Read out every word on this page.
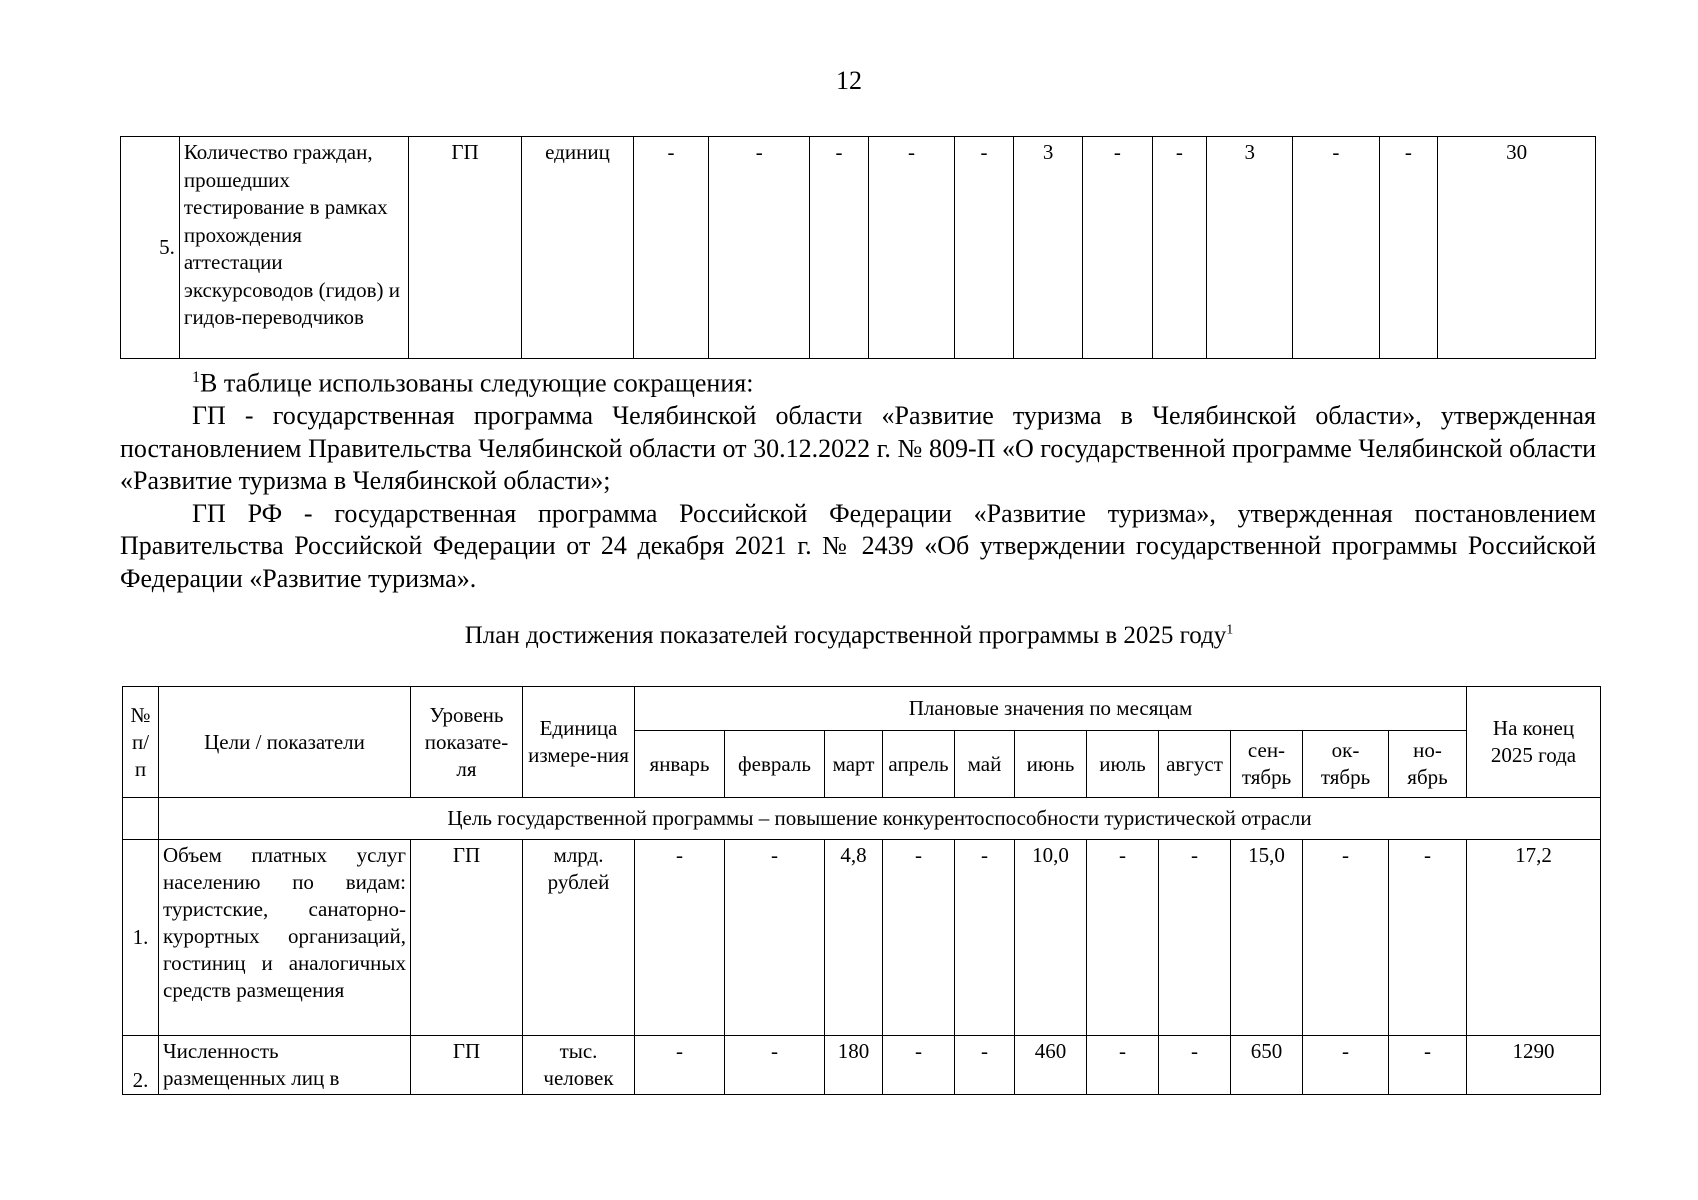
12
5.	Количество граждан, прошедших тестирование в рамках прохождения аттестации экскурсоводов (гидов) и гидов-переводчиков	ГП	единиц	-	-	-	-	-	3	-	-	3	-	-	30

$^1$В таблице использованы следующие сокращения:

ГП - государственная программа Челябинской области «Развитие туризма в Челябинской области», утвержденная постановлением Правительства Челябинской области от 30.12.2022 г. № 809-П «О государственной программе Челябинской области «Развитие туризма в Челябинской области»;

ГП РФ - государственная программа Российской Федерации «Развитие туризма», утвержденная постановлением Правительства Российской Федерации от 24 декабря 2021 г. № 2439 «Об утверждении государственной программы Российской Федерации «Развитие туризма».

План достижения показателей государственной программы в 2025 году$^1$
№ п/п	Цели / показатели	Уровень показате-ля	Единица измере-ния	Плановые значения по месяцам											На конец 2025 года
				январь	февраль	март	апрель	май	июнь	июль	август	сен-тябрь	ок-тябрь	но-ябрь	
	Цель государственной программы – повышение конкурентоспособности туристической отрасли														
1.	Объем платных услуг населению по видам: туристские, санаторно-курортных организаций, гостиниц и аналогичных средств размещения	ГП	млрд. рублей	-	-	4,8	-	-	10,0	-	-	15,0	-	-	17,2
2.	Численность размещенных лиц в	ГП	тыс. человек	-	-	180	-	-	460	-	-	650	-	-	1290
